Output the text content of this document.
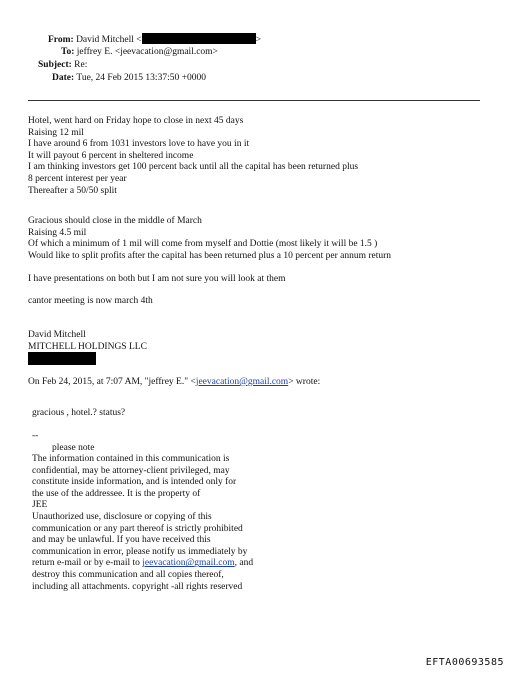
From: David Mitchell <	>
To: jeffrey E. <jeevacation@gmail.com>
Subject: Re:
Date: Tue, 24 Feb 2015 13:37:50 +0000
Hotel, went hard on Friday hope to close in next 45 days
Raising 12 mil
I have around 6 from 1031 investors love to have you in it
It will payout 6 percent in sheltered income
I am thinking investors get 100 percent back until all the capital has been returned plus
8 percent interest per year
Thereafter a 50/50 split
Gracious should close in the middle of March
Raising 4.5 mil
Of which a minimum of 1 mil will come from myself and Dottie (most likely it will be 1.5 )
Would like to split profits after the capital has been returned plus a 10 percent per annum return
I have presentations on both but I am not sure you will look at them
cantor meeting is now march 4th
David Mitchell
MITCHELL HOLDINGS LLC
On Feb 24, 2015, at 7:07 AM, "jeffrey E." <jeevacation@gmail.com> wrote:
gracious , hotel.? status?
--
please note
The information contained in this communication is
confidential, may be attorney-client privileged, may
constitute inside information, and is intended only for
the use of the addressee. It is the property of
JEE
Unauthorized use, disclosure or copying of this
communication or any part thereof is strictly prohibited
and may be unlawful. If you have received this
communication in error, please notify us immediately by
return e-mail or by e-mail to jeevacation@gmail.com, and
destroy this communication and all copies thereof,
including all attachments. copyright -all rights reserved
EFTA00693585
